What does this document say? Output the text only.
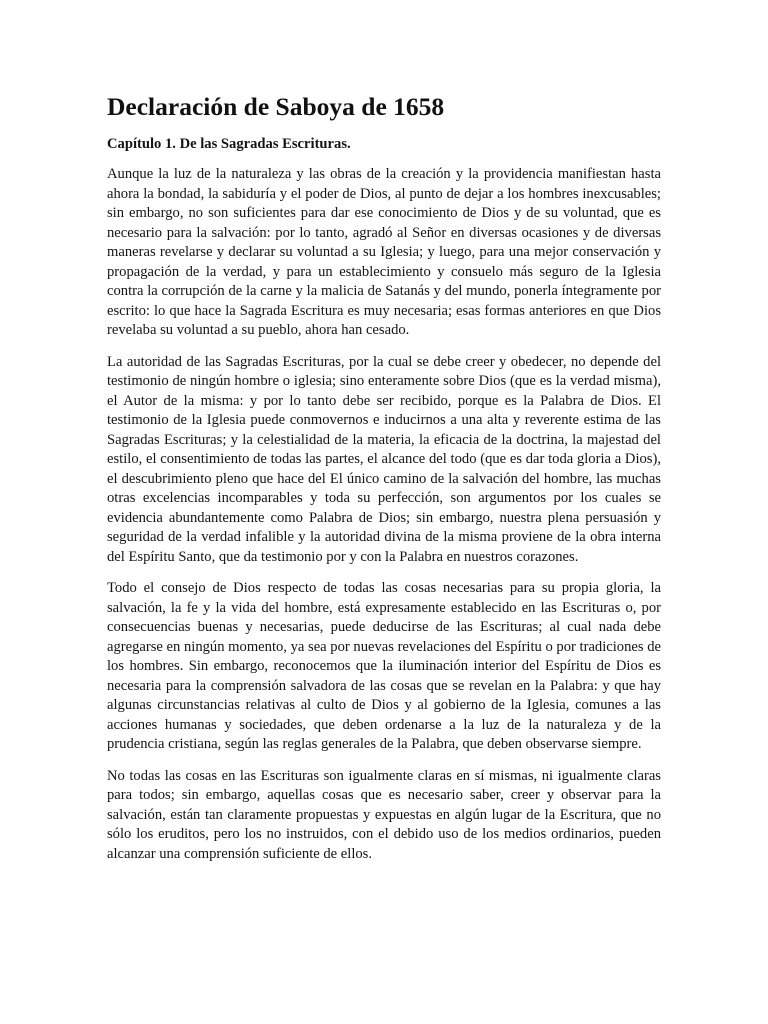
Declaración de Saboya de 1658
Capítulo 1. De las Sagradas Escrituras.

Aunque la luz de la naturaleza y las obras de la creación y la providencia manifiestan hasta ahora la bondad, la sabiduría y el poder de Dios, al punto de dejar a los hombres inexcusables; sin embargo, no son suficientes para dar ese conocimiento de Dios y de su voluntad, que es necesario para la salvación: por lo tanto, agradó al Señor en diversas ocasiones y de diversas maneras revelarse y declarar su voluntad a su Iglesia; y luego, para una mejor conservación y propagación de la verdad, y para un establecimiento y consuelo más seguro de la Iglesia contra la corrupción de la carne y la malicia de Satanás y del mundo, ponerla íntegramente por escrito: lo que hace la Sagrada Escritura es muy necesaria; esas formas anteriores en que Dios revelaba su voluntad a su pueblo, ahora han cesado.

La autoridad de las Sagradas Escrituras, por la cual se debe creer y obedecer, no depende del testimonio de ningún hombre o iglesia; sino enteramente sobre Dios (que es la verdad misma), el Autor de la misma: y por lo tanto debe ser recibido, porque es la Palabra de Dios. El testimonio de la Iglesia puede conmovernos e inducirnos a una alta y reverente estima de las Sagradas Escrituras; y la celestialidad de la materia, la eficacia de la doctrina, la majestad del estilo, el consentimiento de todas las partes, el alcance del todo (que es dar toda gloria a Dios), el descubrimiento pleno que hace del El único camino de la salvación del hombre, las muchas otras excelencias incomparables y toda su perfección, son argumentos por los cuales se evidencia abundantemente como Palabra de Dios; sin embargo, nuestra plena persuasión y seguridad de la verdad infalible y la autoridad divina de la misma proviene de la obra interna del Espíritu Santo, que da testimonio por y con la Palabra en nuestros corazones.

Todo el consejo de Dios respecto de todas las cosas necesarias para su propia gloria, la salvación, la fe y la vida del hombre, está expresamente establecido en las Escrituras o, por consecuencias buenas y necesarias, puede deducirse de las Escrituras; al cual nada debe agregarse en ningún momento, ya sea por nuevas revelaciones del Espíritu o por tradiciones de los hombres. Sin embargo, reconocemos que la iluminación interior del Espíritu de Dios es necesaria para la comprensión salvadora de las cosas que se revelan en la Palabra: y que hay algunas circunstancias relativas al culto de Dios y al gobierno de la Iglesia, comunes a las acciones humanas y sociedades, que deben ordenarse a la luz de la naturaleza y de la prudencia cristiana, según las reglas generales de la Palabra, que deben observarse siempre.

No todas las cosas en las Escrituras son igualmente claras en sí mismas, ni igualmente claras para todos; sin embargo, aquellas cosas que es necesario saber, creer y observar para la salvación, están tan claramente propuestas y expuestas en algún lugar de la Escritura, que no sólo los eruditos, pero los no instruidos, con el debido uso de los medios ordinarios, pueden alcanzar una comprensión suficiente de ellos.
